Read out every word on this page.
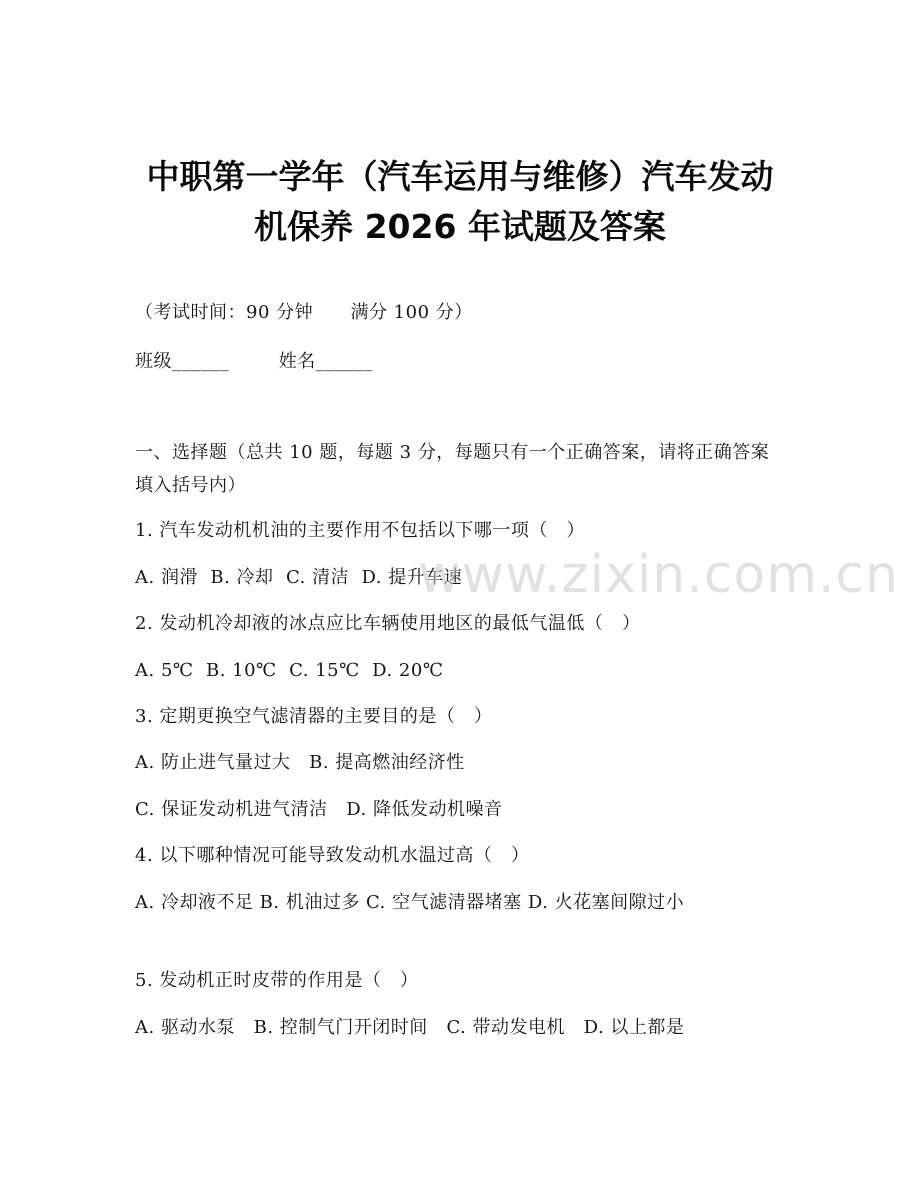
中职第一学年（汽车运用与维修）汽车发动
机保养 2026 年试题及答案
（考试时间：90 分钟      满分 100 分）
班级______        姓名______
一、选择题（总共 10 题，每题 3 分，每题只有一个正确答案，请将正确答案填入括号内）
1. 汽车发动机机油的主要作用不包括以下哪一项（   ）
A. 润滑  B. 冷却  C. 清洁  D. 提升车速
2. 发动机冷却液的冰点应比车辆使用地区的最低气温低（   ）
A. 5℃  B. 10℃  C. 15℃  D. 20℃
3. 定期更换空气滤清器的主要目的是（   ）
A. 防止进气量过大   B. 提高燃油经济性
C. 保证发动机进气清洁   D. 降低发动机噪音
4. 以下哪种情况可能导致发动机水温过高（   ）
A. 冷却液不足 B. 机油过多 C. 空气滤清器堵塞 D. 火花塞间隙过小
5. 发动机正时皮带的作用是（   ）
A. 驱动水泵   B. 控制气门开闭时间   C. 带动发电机   D. 以上都是
www.zixin.com.cn
